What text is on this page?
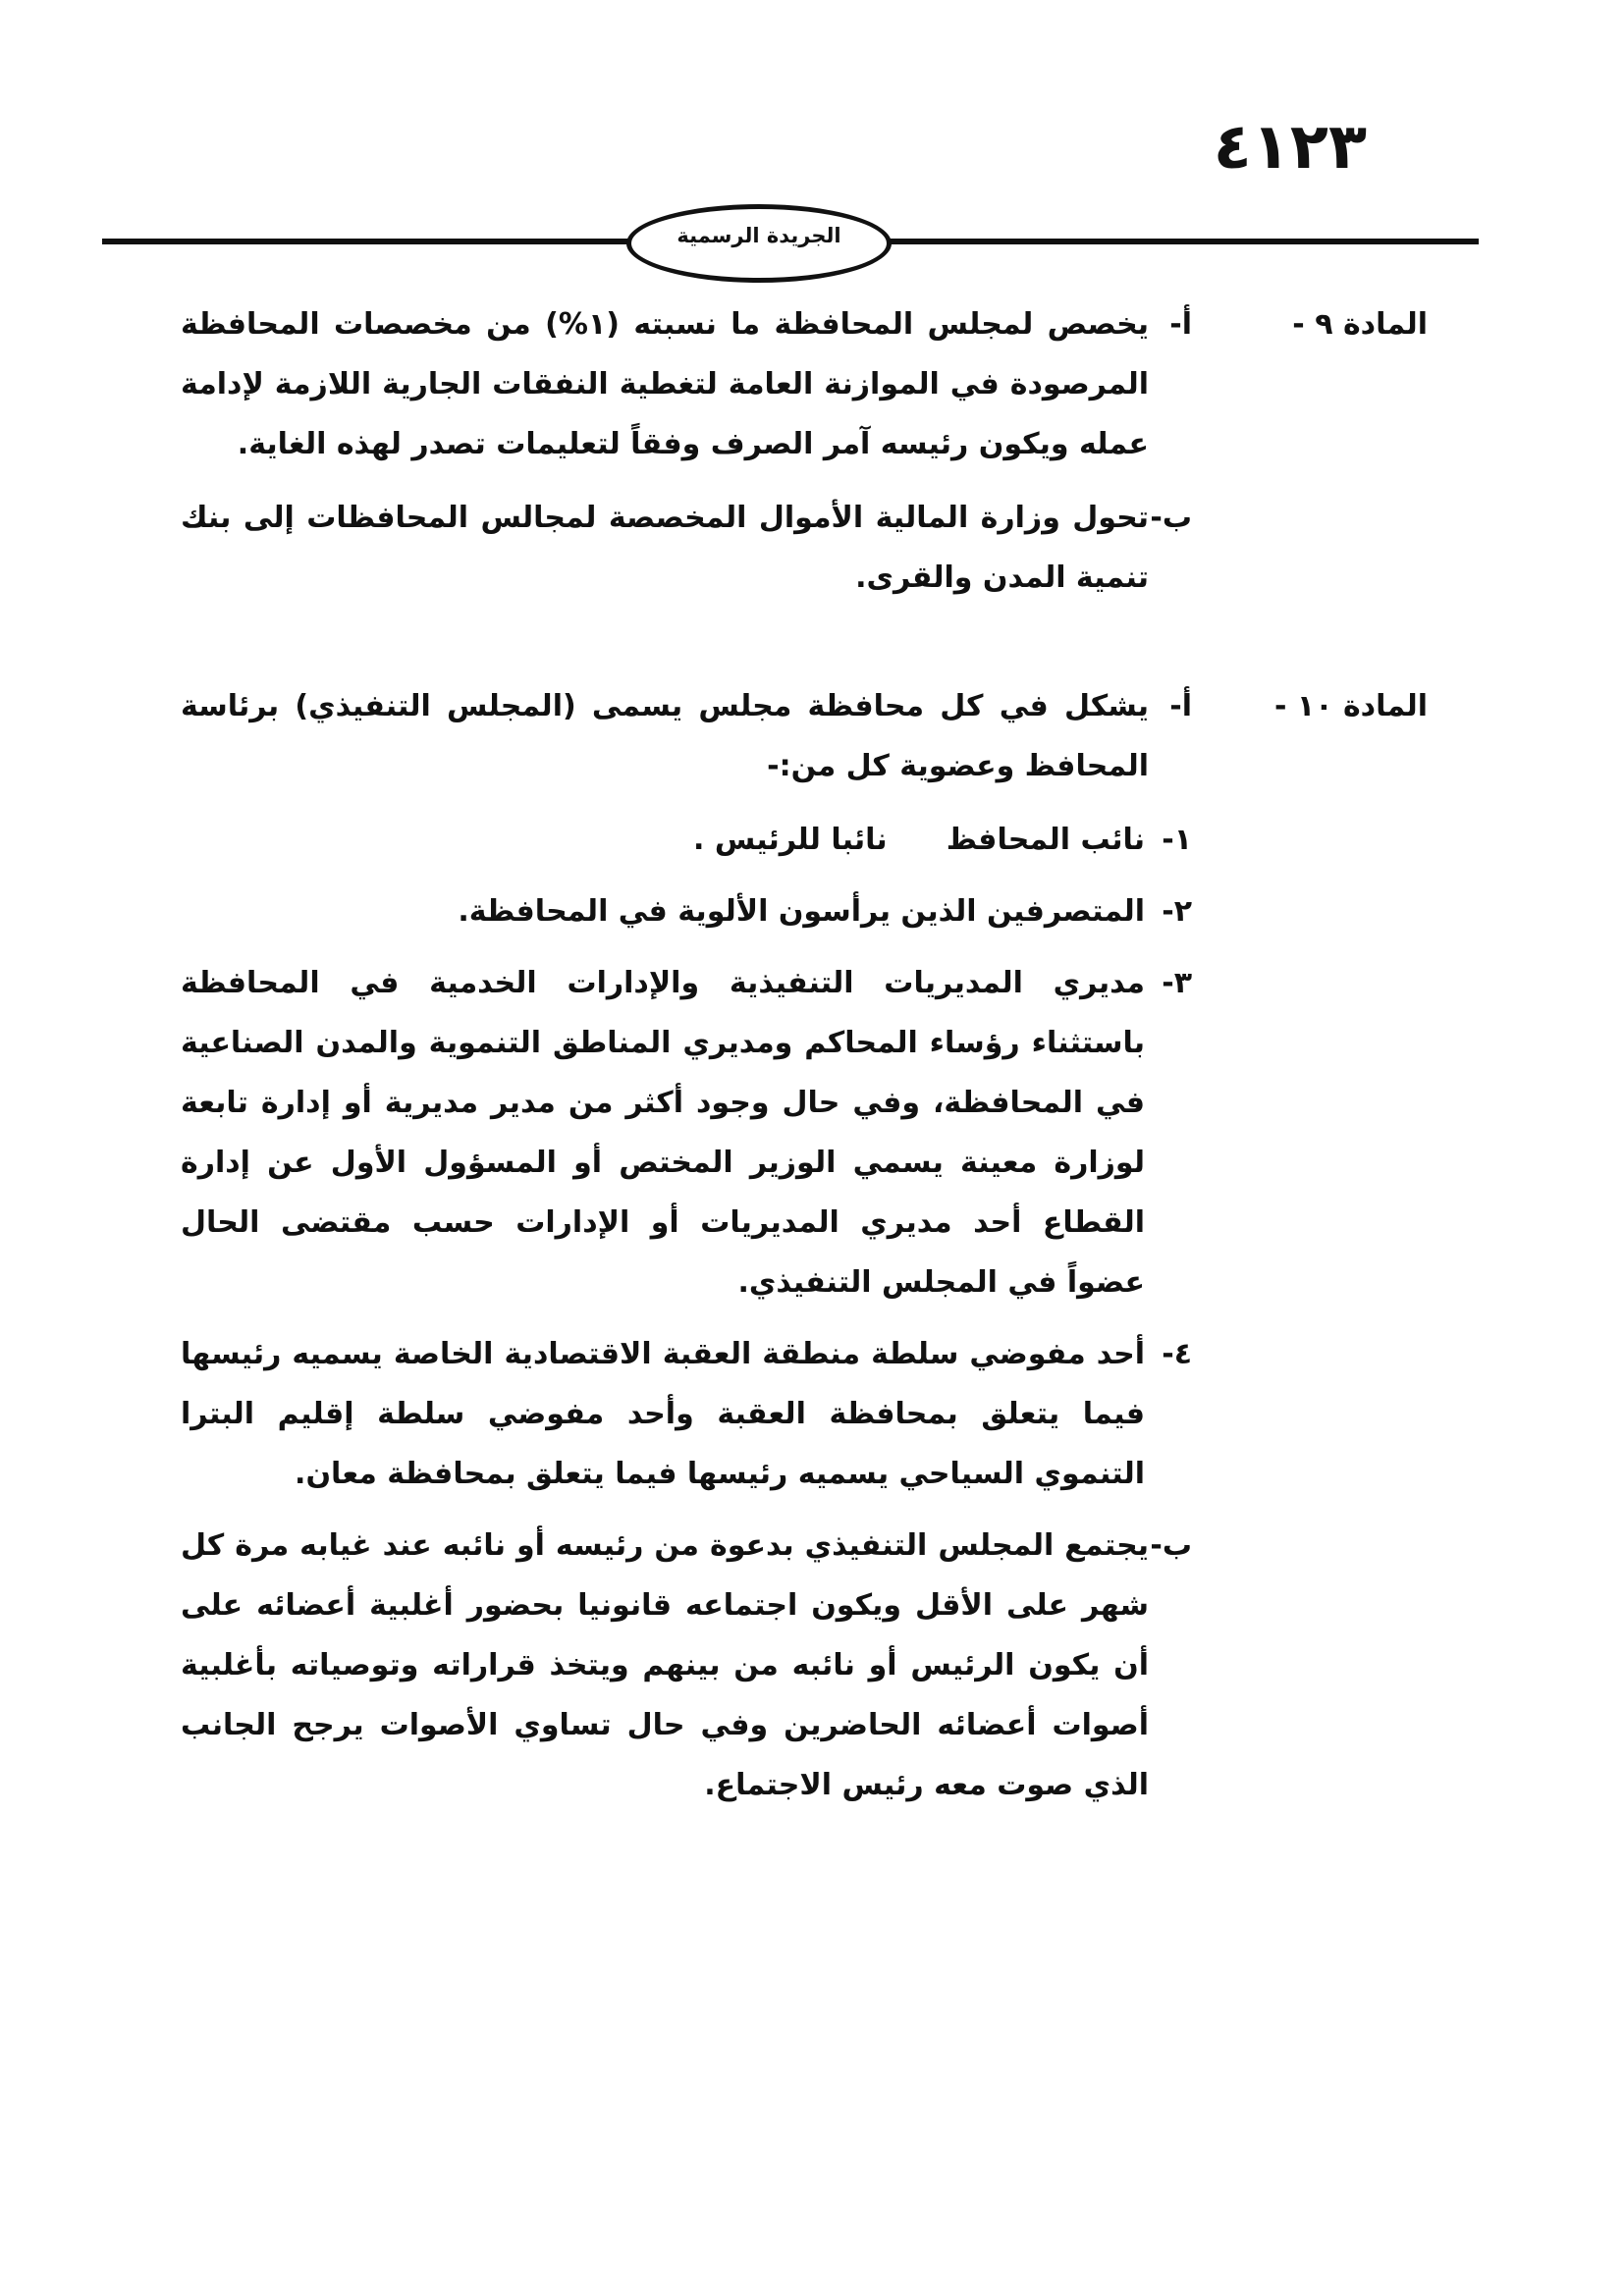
٤١٢٣
الجريدة الرسمية
المادة ٩ -
أ-
يخصص لمجلس المحافظة ما نسبته (١%) من مخصصات المحافظة المرصودة في الموازنة العامة لتغطية النفقات الجارية اللازمة لإدامة عمله ويكون رئيسه آمر الصرف وفقاً لتعليمات تصدر لهذه الغاية.
ب-
تحول وزارة المالية الأموال المخصصة لمجالس المحافظات إلى بنك تنمية المدن والقرى.
المادة ١٠ -
أ-
يشكل في كل محافظة مجلس يسمى (المجلس التنفيذي) برئاسة المحافظ وعضوية كل من:-
١-
نائب المحافظنائبا للرئيس .
٢-
المتصرفين الذين يرأسون الألوية في المحافظة.
٣-
مديري المديريات التنفيذية والإدارات الخدمية في المحافظة باستثناء رؤساء المحاكم ومديري المناطق التنموية والمدن الصناعية في المحافظة، وفي حال وجود أكثر من مدير مديرية أو إدارة تابعة لوزارة معينة يسمي الوزير المختص أو المسؤول الأول عن إدارة القطاع أحد مديري المديريات أو الإدارات حسب مقتضى الحال عضواً في المجلس التنفيذي.
٤-
أحد مفوضي سلطة منطقة العقبة الاقتصادية الخاصة يسميه رئيسها فيما يتعلق بمحافظة العقبة وأحد مفوضي سلطة إقليم البترا التنموي السياحي يسميه رئيسها فيما يتعلق بمحافظة معان.
ب-
يجتمع المجلس التنفيذي بدعوة من رئيسه أو نائبه عند غيابه مرة كل شهر على الأقل ويكون اجتماعه قانونيا بحضور أغلبية أعضائه على أن يكون الرئيس أو نائبه من بينهم ويتخذ قراراته وتوصياته بأغلبية أصوات أعضائه الحاضرين وفي حال تساوي الأصوات يرجح الجانب الذي صوت معه رئيس الاجتماع.
